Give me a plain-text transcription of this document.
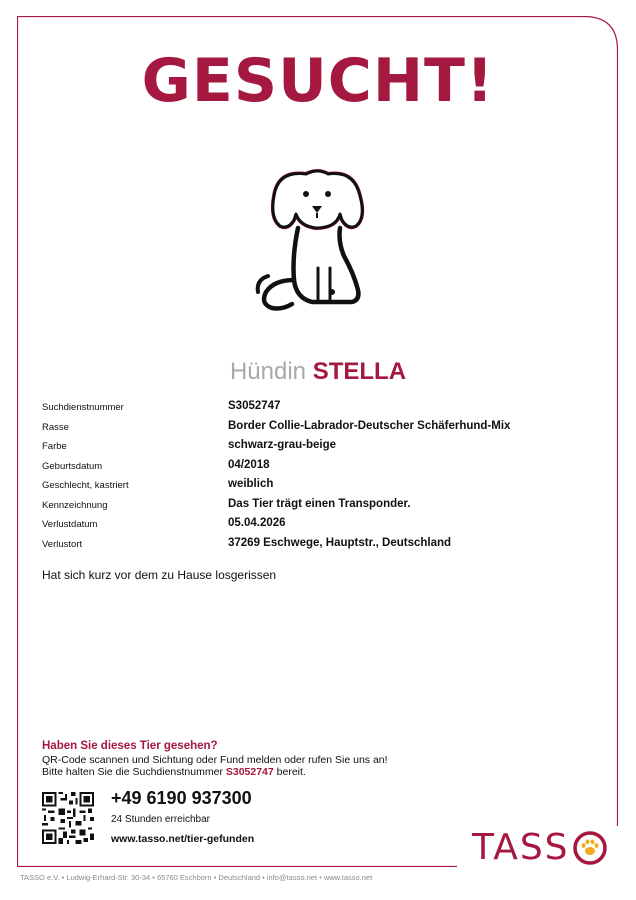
GESUCHT!
Hündin STELLA
Suchdienstnummer	S3052747
Rasse	Border Collie-Labrador-Deutscher Schäferhund-Mix
Farbe	schwarz-grau-beige
Geburtsdatum	04/2018
Geschlecht, kastriert	weiblich
Kennzeichnung	Das Tier trägt einen Transponder.
Verlustdatum	05.04.2026
Verlustort	37269 Eschwege, Hauptstr., Deutschland
Hat sich kurz vor dem zu Hause losgerissen
Haben Sie dieses Tier gesehen?
QR-Code scannen und Sichtung oder Fund melden oder rufen Sie uns an!
Bitte halten Sie die Suchdienstnummer S3052747 bereit.
+49 6190 937300
24 Stunden erreichbar
www.tasso.net/tier-gefunden	TASS
TASSO e.V. • Ludwig-Erhard-Str. 30-34 • 65760 Eschborn • Deutschland • info@tasso.net • www.tasso.net
